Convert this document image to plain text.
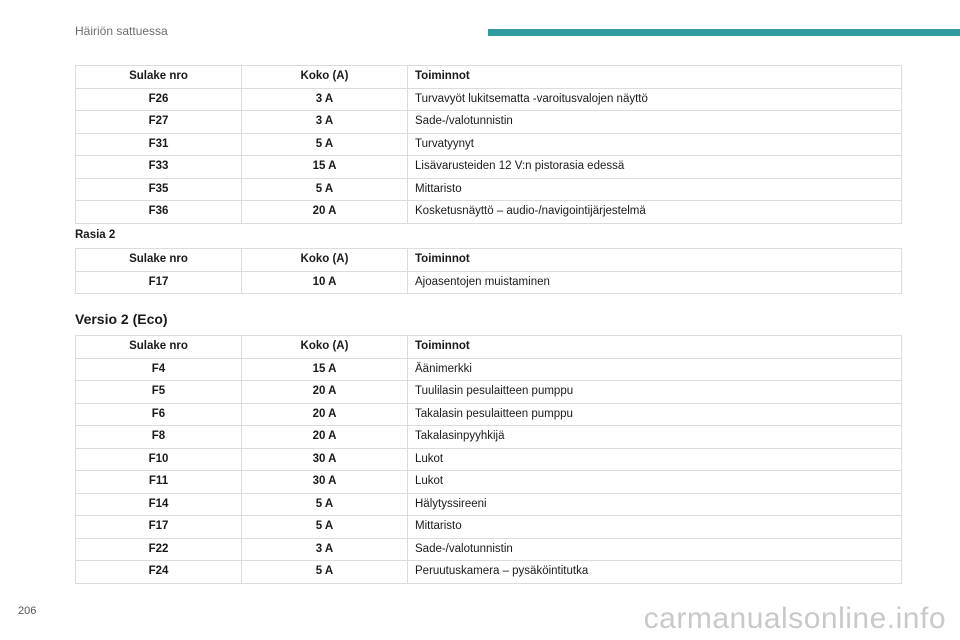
Häiriön sattuessa
Sulake nro	Koko (A)	Toiminnot
F26	3 A	Turvavyöt lukitsematta -varoitusvalojen näyttö
F27	3 A	Sade-/valotunnistin
F31	5 A	Turvatyynyt
F33	15 A	Lisävarusteiden 12 V:n pistorasia edessä
F35	5 A	Mittaristo
F36	20 A	Kosketusnäyttö – audio-/navigointijärjestelmä
Rasia 2
Sulake nro	Koko (A)	Toiminnot
F17	10 A	Ajoasentojen muistaminen
Versio 2 (Eco)
Sulake nro	Koko (A)	Toiminnot
F4	15 A	Äänimerkki
F5	20 A	Tuulilasin pesulaitteen pumppu
F6	20 A	Takalasin pesulaitteen pumppu
F8	20 A	Takalasinpyyhkijä
F10	30 A	Lukot
F11	30 A	Lukot
F14	5 A	Hälytyssireeni
F17	5 A	Mittaristo
F22	3 A	Sade-/valotunnistin
F24	5 A	Peruutuskamera – pysäköintitutka
206	carmanualsonline.info
